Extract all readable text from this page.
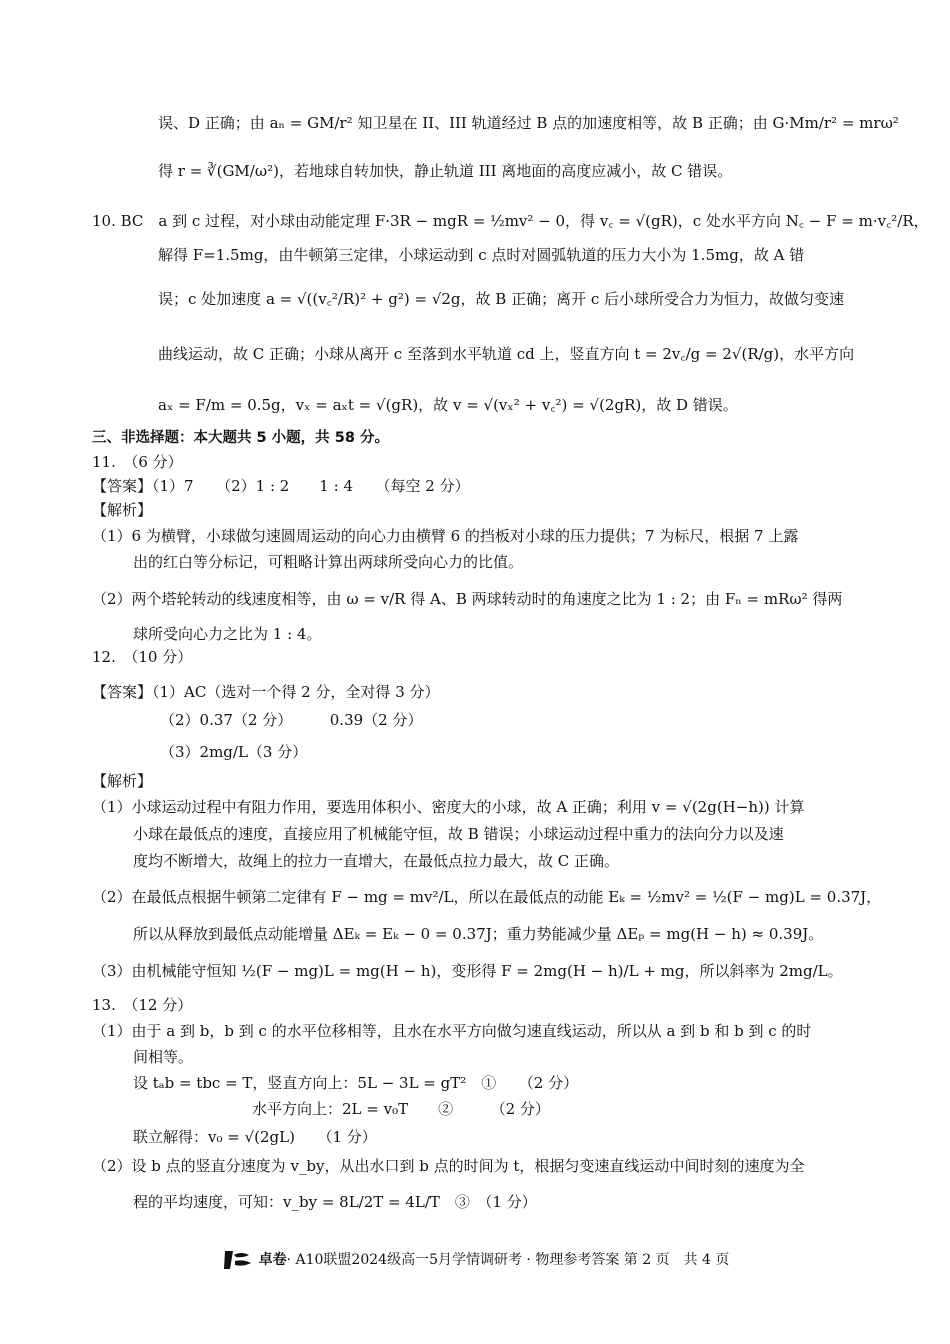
误、D 正确；由 aₙ = GM/r² 知卫星在 II、III 轨道经过 B 点的加速度相等，故 B 正确；由 G·Mm/r² = mrω²
得 r = ∛(GM/ω²)，若地球自转加快，静止轨道 III 离地面的高度应减小，故 C 错误。
10. BC　a 到 c 过程，对小球由动能定理 F·3R − mgR = ½mv² − 0，得 v꜀ = √(gR)，c 处水平方向 N꜀ − F = m·v꜀²/R，
解得 F=1.5mg，由牛顿第三定律，小球运动到 c 点时对圆弧轨道的压力大小为 1.5mg，故 A 错
误；c 处加速度 a = √((v꜀²/R)² + g²) = √2g，故 B 正确；离开 c 后小球所受合力为恒力，故做匀变速
曲线运动，故 C 正确；小球从离开 c 至落到水平轨道 cd 上，竖直方向 t = 2v꜀/g = 2√(R/g)，水平方向
aₓ = F/m = 0.5g，vₓ = aₓt = √(gR)，故 v = √(vₓ² + v꜀²) = √(2gR)，故 D 错误。
三、非选择题：本大题共 5 小题，共 58 分。
11.　（6 分）
【答案】（1）7　　（2）1 : 2　　1 : 4　　（每空 2 分）
【解析】
（1）6 为横臂，小球做匀速圆周运动的向心力由横臂 6 的挡板对小球的压力提供；7 为标尺，根据 7 上露
出的红白等分标记，可粗略计算出两球所受向心力的比值。
（2）两个塔轮转动的线速度相等，由 ω = v/R 得 A、B 两球转动时的角速度之比为 1 : 2；由 Fₙ = mRω² 得两
球所受向心力之比为 1 : 4。
12.　（10 分）
【答案】（1）AC（选对一个得 2 分，全对得 3 分）
（2）0.37（2 分）　　　0.39（2 分）
（3）2mg/L（3 分）
【解析】
（1）小球运动过程中有阻力作用，要选用体积小、密度大的小球，故 A 正确；利用 v = √(2g(H−h)) 计算
小球在最低点的速度，直接应用了机械能守恒，故 B 错误；小球运动过程中重力的法向分力以及速
度均不断增大，故绳上的拉力一直增大，在最低点拉力最大，故 C 正确。
（2）在最低点根据牛顿第二定律有 F − mg = mv²/L，所以在最低点的动能 Eₖ = ½mv² = ½(F − mg)L = 0.37J，
所以从释放到最低点动能增量 ΔEₖ = Eₖ − 0 = 0.37J；重力势能减少量 ΔEₚ = mg(H − h) ≈ 0.39J。
（3）由机械能守恒知 ½(F − mg)L = mg(H − h)，变形得 F = 2mg(H − h)/L + mg，所以斜率为 2mg/L。
13.　（12 分）
（1）由于 a 到 b，b 到 c 的水平位移相等，且水在水平方向做匀速直线运动，所以从 a 到 b 和 b 到 c 的时
间相等。
设 tₐb = tbc = T，竖直方向上：5L − 3L = gT²　①　　（2 分）
水平方向上：2L = v₀T　　②　　　（2 分）
联立解得：v₀ = √(2gL)　　（1 分）
（2）设 b 点的竖直分速度为 v_by，从出水口到 b 点的时间为 t，根据匀变速直线运动中间时刻的速度为全
程的平均速度，可知：v_by = 8L/2T = 4L/T　③　（1 分）
卓卷· A10联盟2024级高一5月学情调研考 · 物理参考答案 第 2 页　共 4 页
